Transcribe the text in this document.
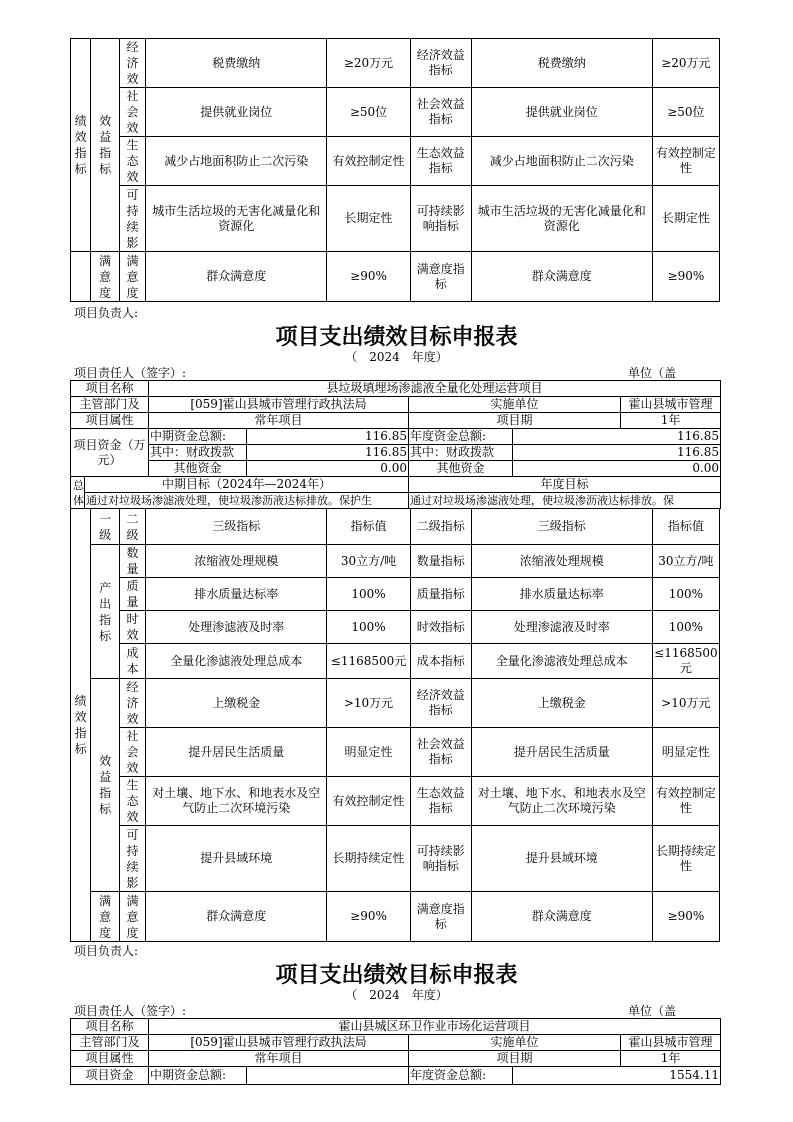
绩效指标	效益指标	经济效	税费缴纳	≥20万元	经济效益指标	税费缴纳	≥20万元

		社会效	提供就业岗位	≥50位	社会效益指标	提供就业岗位	≥50位

		生态效	减少占地面积防止二次污染	有效控制定性	生态效益指标	减少占地面积防止二次污染	有效控制定性

		可持续影	城市生活垃圾的无害化减量化和资源化	长期定性	可持续影响指标	城市生活垃圾的无害化减量化和资源化	长期定性

	满意度	满意度	群众满意度	≥90%	满意度指标	群众满意度	≥90%
项目负责人:
项目支出绩效目标申报表
（　2024　年度）
项目责任人（签字）:	单位（盖
项目名称	县垃圾填埋场渗滤液全量化处理运营项目				
主管部门及	[059]霍山县城市管理行政执法局		实施单位		霍山县城市管理
项目属性	常年项目		项目期		1年
项目资金（万元）	中期资金总额:	116.85	年度资金总额:	116.85	
	其中：财政拨款	116.85	其中：财政拨款	116.85	
	其他资金	0.00	其他资金	0.00	
总体	中期目标（2024年—2024年）	年度目标
	通过对垃圾场渗滤液处理，使垃圾渗沥液达标排放。保护生	通过对垃圾场渗滤液处理，使垃圾渗沥液达标排放。保
绩效指标	一级	二级	三级指标	指标值	二级指标	三级指标	指标值

	产出指标	数量	浓缩液处理规模	30立方/吨	数量指标	浓缩液处理规模	30立方/吨

		质量	排水质量达标率	100%	质量指标	排水质量达标率	100%

		时效	处理渗滤液及时率	100%	时效指标	处理渗滤液及时率	100%

		成本	全量化渗滤液处理总成本	≤1168500元	成本指标	全量化渗滤液处理总成本	≤1168500元

	效益指标	经济效	上缴税金	>10万元	经济效益指标	上缴税金	>10万元

		社会效	提升居民生活质量	明显定性	社会效益指标	提升居民生活质量	明显定性

		生态效	对土壤、地下水、和地表水及空气防止二次环境污染	有效控制定性	生态效益指标	对土壤、地下水、和地表水及空气防止二次环境污染	有效控制定性

		可持续影	提升县域环境	长期持续定性	可持续影响指标	提升县域环境	长期持续定性

	满意度	满意度	群众满意度	≥90%	满意度指标	群众满意度	≥90%
项目负责人:
项目支出绩效目标申报表
（　2024　年度）
项目责任人（签字）:	单位（盖
项目名称	霍山县城区环卫作业市场化运营项目				
主管部门及	[059]霍山县城市管理行政执法局		实施单位		霍山县城市管理
项目属性	常年项目		项目期		1年
项目资金	中期资金总额:		年度资金总额:	1554.11	
